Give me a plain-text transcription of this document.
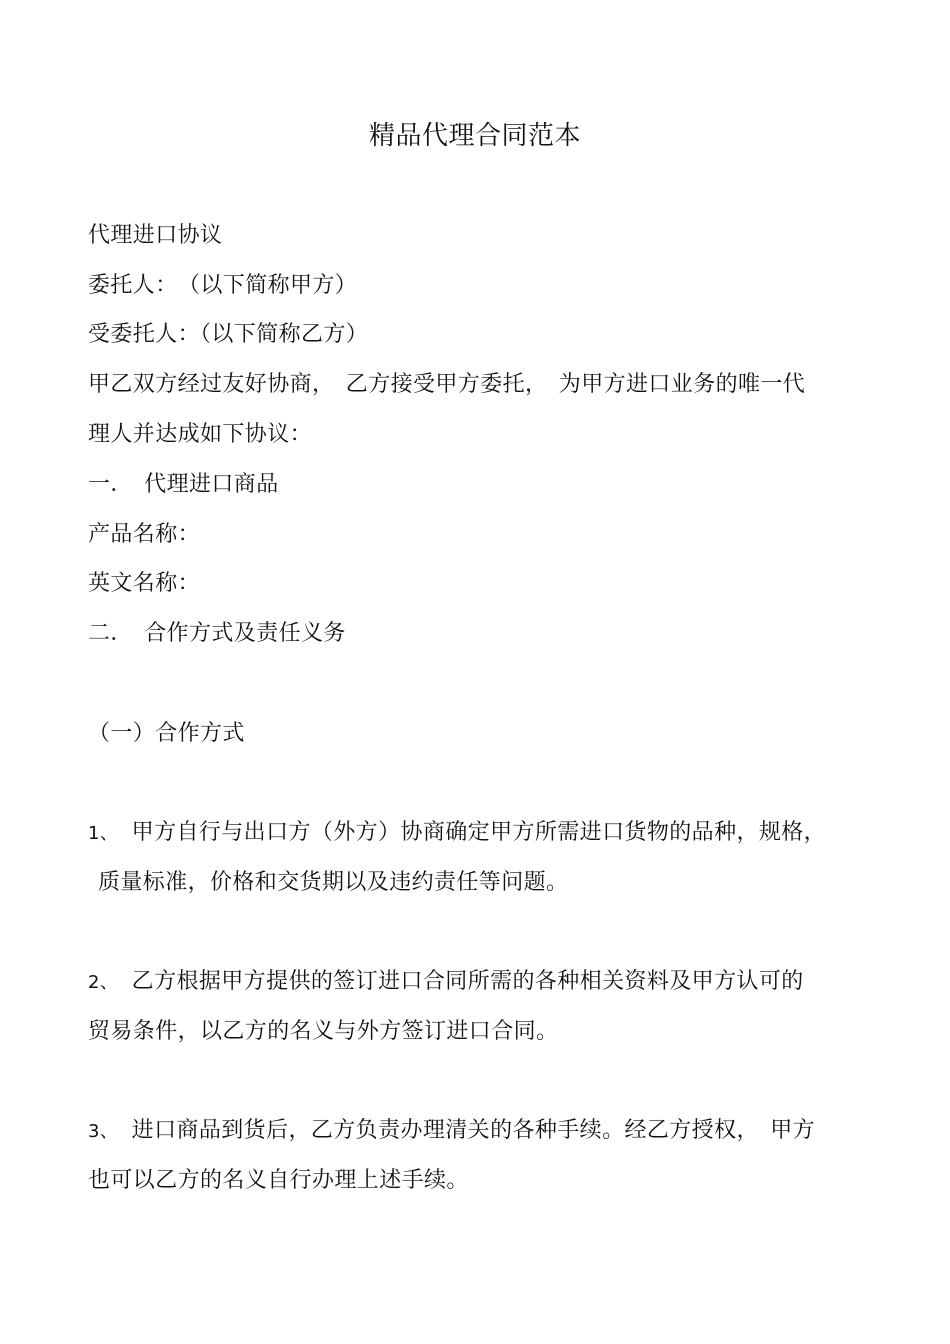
精品代理合同范本
代理进口协议
委托人：　（以下简称甲方）
受委托人：（以下简称乙方）
甲乙双方经过友好协商，　乙方接受甲方委托，　为甲方进口业务的唯一代
理人并达成如下协议：
一．　代理进口商品
产品名称：
英文名称：
二．　合作方式及责任义务
（一）合作方式
1、　甲方自行与出口方（外方）协商确定甲方所需进口货物的品种，规格，
质量标准，价格和交货期以及违约责任等问题。
2、　乙方根据甲方提供的签订进口合同所需的各种相关资料及甲方认可的
贸易条件，以乙方的名义与外方签订进口合同。
3、　进口商品到货后，乙方负责办理清关的各种手续。经乙方授权，　甲方
也可以乙方的名义自行办理上述手续。
